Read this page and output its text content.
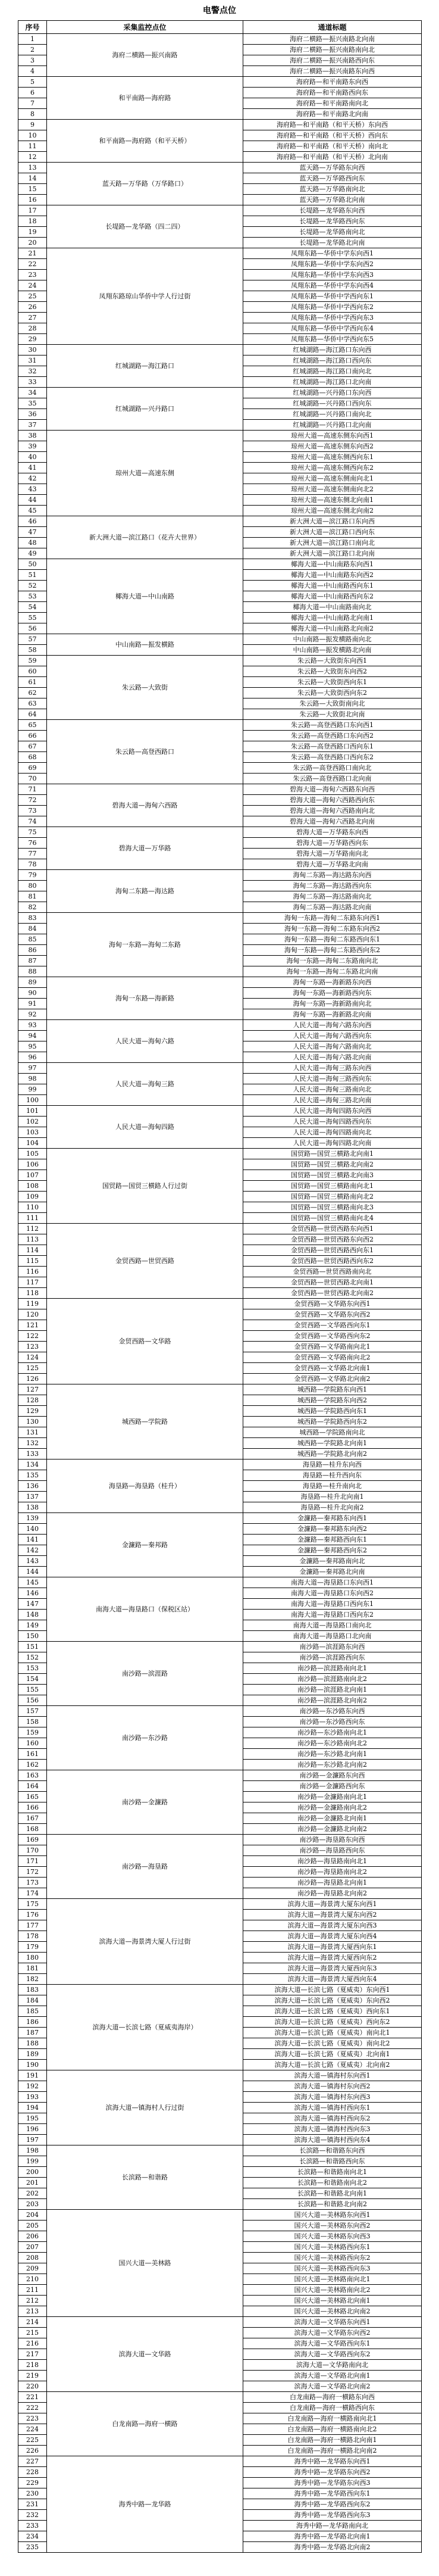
电警点位
序号	采集监控点位	通道标题
1	海府二横路—振兴南路	海府二横路—振兴南路北向南
2		海府二横路—振兴南路南向北
3		海府二横路—振兴南路西向东
4		海府二横路—振兴南路东向西
5	和平南路—海府路	海府路—和平南路东向西
6		海府路—和平南路西向东
7		海府路—和平南路南向北
8		海府路—和平南路北向南
9	和平南路—海府路（和平天桥）	海府路—和平南路（和平天桥）东向西
10		海府路—和平南路（和平天桥）西向东
11		海府路—和平南路（和平天桥）南向北
12		海府路—和平南路（和平天桥）北向南
13	蓝天路—万华路（万华路口）	蓝天路—万华路东向西
14		蓝天路—万华路西向东
15		蓝天路—万华路南向北
16		蓝天路—万华路北向南
17	长堤路—龙华路（四二四）	长堤路—龙华路东向西
18		长堤路—龙华路西向东
19		长堤路—龙华路南向北
20		长堤路—龙华路北向南
21	凤翔东路琼山华侨中学人行过街	凤翔东路—华侨中学东向西1
22		凤翔东路—华侨中学东向西2
23		凤翔东路—华侨中学东向西3
24		凤翔东路—华侨中学东向西4
25		凤翔东路—华侨中学西向东1
26		凤翔东路—华侨中学西向东2
27		凤翔东路—华侨中学西向东3
28		凤翔东路—华侨中学西向东4
29		凤翔东路—华侨中学西向东5
30	红城湖路—海江路口	红城湖路—海江路口东向西
31		红城湖路—海江路口西向东
32		红城湖路—海江路口南向北
33		红城湖路—海江路口北向南
34	红城湖路—兴丹路口	红城湖路—兴丹路口东向西
35		红城湖路—兴丹路口西向东
36		红城湖路—兴丹路口南向北
37		红城湖路—兴丹路口北向南
38	琼州大道—高速东侧	琼州大道—高速东侧东向西1
39		琼州大道—高速东侧东向西2
40		琼州大道—高速东侧西向东1
41		琼州大道—高速东侧西向东2
42		琼州大道—高速东侧南向北1
43		琼州大道—高速东侧南向北2
44		琼州大道—高速东侧北向南1
45		琼州大道—高速东侧北向南2
46	新大洲大道—滨江路口（花卉大世界）	新大洲大道—滨江路口东向西
47		新大洲大道—滨江路口西向东
48		新大洲大道—滨江路口南向北
49		新大洲大道—滨江路口北向南
50	椰海大道—中山南路	椰海大道—中山南路东向西1
51		椰海大道—中山南路东向西2
52		椰海大道—中山南路西向东1
53		椰海大道—中山南路西向东2
54		椰海大道—中山南路南向北
55		椰海大道—中山南路北向南1
56		椰海大道—中山南路北向南2
57	中山南路—振发横路	中山南路—振发横路南向北
58		中山南路—振发横路北向南
59	朱云路—大致街	朱云路—大致街东向西1
60		朱云路—大致街东向西2
61		朱云路—大致街西向东1
62		朱云路—大致街西向东2
63		朱云路—大致街南向北
64		朱云路—大致街北向南
65	朱云路—高登西路口	朱云路—高登西路口东向西1
66		朱云路—高登西路口东向西2
67		朱云路—高登西路口西向东1
68		朱云路—高登西路口西向东2
69		朱云路—高登西路口南向北
70		朱云路—高登西路口北向南
71	碧海大道—海甸六西路	碧海大道—海甸六西路东向西
72		碧海大道—海甸六西路西向东
73		碧海大道—海甸六西路南向北
74		碧海大道—海甸六西路北向南
75	碧海大道—万华路	碧海大道—万华路东向西
76		碧海大道—万华路西向东
77		碧海大道—万华路南向北
78		碧海大道—万华路北向南
79	海甸二东路—海达路	海甸二东路—海达路东向西
80		海甸二东路—海达路西向东
81		海甸二东路—海达路南向北
82		海甸二东路—海达路北向南
83	海甸一东路—海甸二东路	海甸一东路—海甸二东路东向西1
84		海甸一东路—海甸二东路东向西2
85		海甸一东路—海甸二东路西向东1
86		海甸一东路—海甸二东路西向东2
87		海甸一东路—海甸二东路南向北
88		海甸一东路—海甸二东路北向南
89	海甸一东路—海新路	海甸一东路—海新路东向西
90		海甸一东路—海新路西向东
91		海甸一东路—海新路南向北
92		海甸一东路—海新路北向南
93	人民大道—海甸六路	人民大道—海甸六路东向西
94		人民大道—海甸六路西向东
95		人民大道—海甸六路南向北
96		人民大道—海甸六路北向南
97	人民大道—海甸三路	人民大道—海甸三路东向西
98		人民大道—海甸三路西向东
99		人民大道—海甸三路南向北
100		人民大道—海甸三路北向南
101	人民大道—海甸四路	人民大道—海甸四路东向西
102		人民大道—海甸四路西向东
103		人民大道—海甸四路南向北
104		人民大道—海甸四路北向南
105	国贸路—国贸三横路人行过街	国贸路—国贸三横路北向南1
106		国贸路—国贸三横路北向南2
107		国贸路—国贸三横路北向南3
108		国贸路—国贸三横路南向北1
109		国贸路—国贸三横路南向北2
110		国贸路—国贸三横路南向北3
111		国贸路—国贸三横路南向北4
112	金贸西路—世贸西路	金贸西路—世贸西路东向西1
113		金贸西路—世贸西路东向西2
114		金贸西路—世贸西路西向东1
115		金贸西路—世贸西路西向东2
116		金贸西路—世贸西路南向北
117		金贸西路—世贸西路北向南1
118		金贸西路—世贸西路北向南2
119	金贸西路—文华路	金贸西路—文华路东向西1
120		金贸西路—文华路东向西2
121		金贸西路—文华路西向东1
122		金贸西路—文华路西向东2
123		金贸西路—文华路南向北1
124		金贸西路—文华路南向北2
125		金贸西路—文华路北向南1
126		金贸西路—文华路北向南2
127	城西路—学院路	城西路—学院路东向西1
128		城西路—学院路东向西2
129		城西路—学院路西向东1
130		城西路—学院路西向东2
131		城西路—学院路南向北
132		城西路—学院路北向南1
133		城西路—学院路北向南2
134	海垦路—海垦路（桂升）	海垦路—桂升东向西
135		海垦路—桂升西向东
136		海垦路—桂升南向北
137		海垦路—桂升北向南1
138		海垦路—桂升北向南2
139	金濂路—秦邦路	金濂路—秦邦路东向西1
140		金濂路—秦邦路东向西2
141		金濂路—秦邦路西向东1
142		金濂路—秦邦路西向东2
143		金濂路—秦邦路南向北
144		金濂路—秦邦路北向南
145	南海大道—海垦路口（保税区站）	南海大道—海垦路口东向西1
146		南海大道—海垦路口东向西2
147		南海大道—海垦路口西向东1
148		南海大道—海垦路口西向东2
149		南海大道—海垦路口南向北
150		南海大道—海垦路口北向南
151	南沙路—滨涯路	南沙路—滨涯路东向西
152		南沙路—滨涯路西向东
153		南沙路—滨涯路南向北1
154		南沙路—滨涯路南向北2
155		南沙路—滨涯路北向南1
156		南沙路—滨涯路北向南2
157	南沙路—东沙路	南沙路—东沙路东向西
158		南沙路—东沙路西向东
159		南沙路—东沙路南向北1
160		南沙路—东沙路南向北2
161		南沙路—东沙路北向南1
162		南沙路—东沙路北向南2
163	南沙路—金濂路	南沙路—金濂路东向西
164		南沙路—金濂路西向东
165		南沙路—金濂路南向北1
166		南沙路—金濂路南向北2
167		南沙路—金濂路北向南1
168		南沙路—金濂路北向南2
169	南沙路—海垦路	南沙路—海垦路东向西
170		南沙路—海垦路西向东
171		南沙路—海垦路南向北1
172		南沙路—海垦路南向北2
173		南沙路—海垦路北向南1
174		南沙路—海垦路北向南2
175	滨海大道—海景湾大厦人行过街	滨海大道—海景湾大厦东向西1
176		滨海大道—海景湾大厦东向西2
177		滨海大道—海景湾大厦东向西3
178		滨海大道—海景湾大厦东向西4
179		滨海大道—海景湾大厦西向东1
180		滨海大道—海景湾大厦西向东2
181		滨海大道—海景湾大厦西向东3
182		滨海大道—海景湾大厦西向东4
183	滨海大道—长滨七路（夏威夷海岸）	滨海大道—长滨七路（夏威夷）东向西1
184		滨海大道—长滨七路（夏威夷）东向西2
185		滨海大道—长滨七路（夏威夷）西向东1
186		滨海大道—长滨七路（夏威夷）西向东2
187		滨海大道—长滨七路（夏威夷）南向北1
188		滨海大道—长滨七路（夏威夷）南向北2
189		滨海大道—长滨七路（夏威夷）北向南1
190		滨海大道—长滨七路（夏威夷）北向南2
191	滨海大道—镇海村人行过街	滨海大道—镇海村东向西1
192		滨海大道—镇海村东向西2
193		滨海大道—镇海村东向西3
194		滨海大道—镇海村西向东1
195		滨海大道—镇海村西向东2
196		滨海大道—镇海村西向东3
197		滨海大道—镇海村西向东4
198	长滨路—和谐路	长滨路—和谐路东向西
199		长滨路—和谐路西向东
200		长滨路—和谐路南向北1
201		长滨路—和谐路南向北2
202		长滨路—和谐路北向南1
203		长滨路—和谐路北向南2
204	国兴大道—美林路	国兴大道—美林路东向西1
205		国兴大道—美林路东向西2
206		国兴大道—美林路东向西3
207		国兴大道—美林路西向东1
208		国兴大道—美林路西向东2
209		国兴大道—美林路西向东3
210		国兴大道—美林路南向北1
211		国兴大道—美林路南向北2
212		国兴大道—美林路北向南1
213		国兴大道—美林路北向南2
214	滨海大道—文华路	滨海大道—文华路东向西1
215		滨海大道—文华路东向西2
216		滨海大道—文华路西向东1
217		滨海大道—文华路西向东2
218		滨海大道—文华路南向北
219		滨海大道—文华路北向南1
220		滨海大道—文华路北向南2
221	白龙南路—海府一横路	白龙南路—海府一横路东向西
222		白龙南路—海府一横路西向东
223		白龙南路—海府一横路南向北1
224		白龙南路—海府一横路南向北2
225		白龙南路—海府一横路北向南1
226		白龙南路—海府一横路北向南2
227	海秀中路—龙华路	海秀中路—龙华路东向西1
228		海秀中路—龙华路东向西2
229		海秀中路—龙华路东向西3
230		海秀中路—龙华路西向东1
231		海秀中路—龙华路西向东2
232		海秀中路—龙华路西向东3
233		海秀中路—龙华路南向北
234		海秀中路—龙华路北向南1
235		海秀中路—龙华路北向南2
